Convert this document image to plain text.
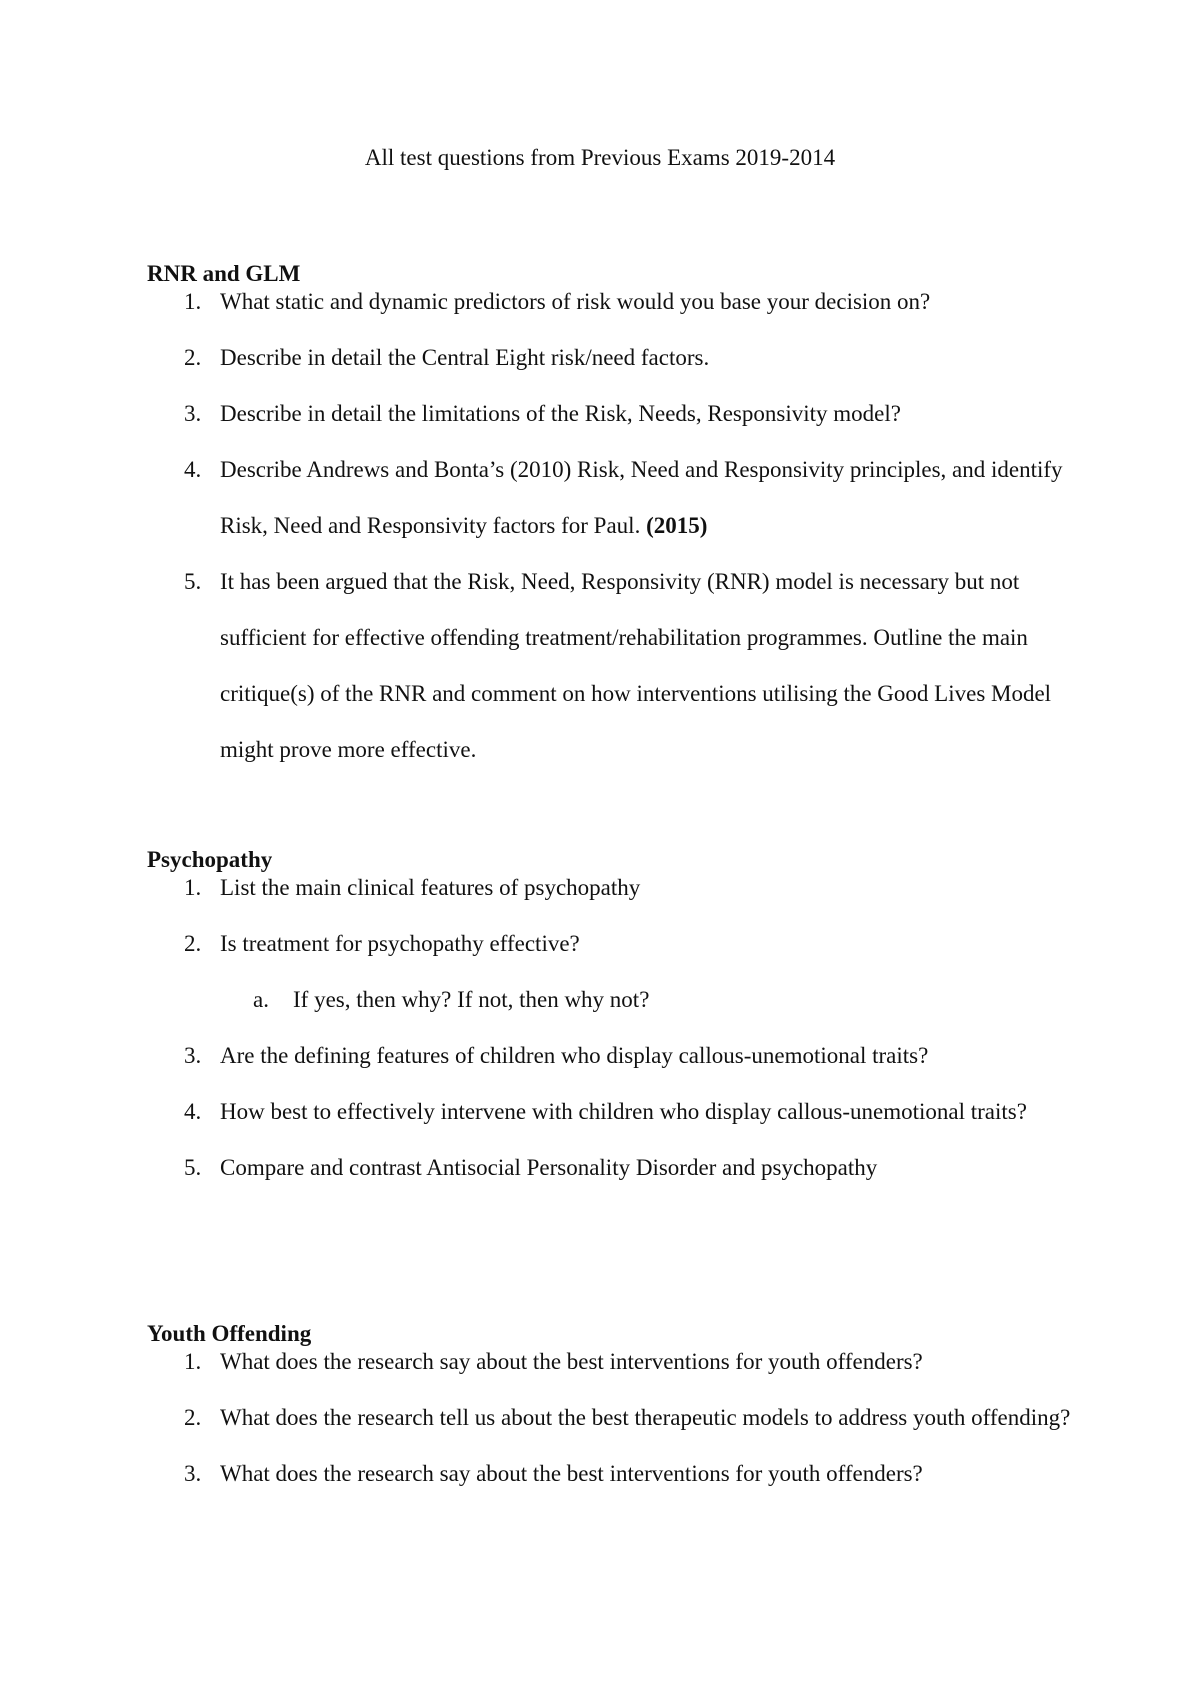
All test questions from Previous Exams 2019-2014
RNR and GLM
1. What static and dynamic predictors of risk would you base your decision on?
2. Describe in detail the Central Eight risk/need factors.
3. Describe in detail the limitations of the Risk, Needs, Responsivity model?
4. Describe Andrews and Bonta’s (2010) Risk, Need and Responsivity principles, and identify Risk, Need and Responsivity factors for Paul. (2015)
5. It has been argued that the Risk, Need, Responsivity (RNR) model is necessary but not sufficient for effective offending treatment/rehabilitation programmes. Outline the main critique(s) of the RNR and comment on how interventions utilising the Good Lives Model might prove more effective.
Psychopathy
1. List the main clinical features of psychopathy
2. Is treatment for psychopathy effective?
a. If yes, then why? If not, then why not?
3. Are the defining features of children who display callous-unemotional traits?
4. How best to effectively intervene with children who display callous-unemotional traits?
5. Compare and contrast Antisocial Personality Disorder and psychopathy
Youth Offending
1. What does the research say about the best interventions for youth offenders?
2. What does the research tell us about the best therapeutic models to address youth offending?
3. What does the research say about the best interventions for youth offenders?
